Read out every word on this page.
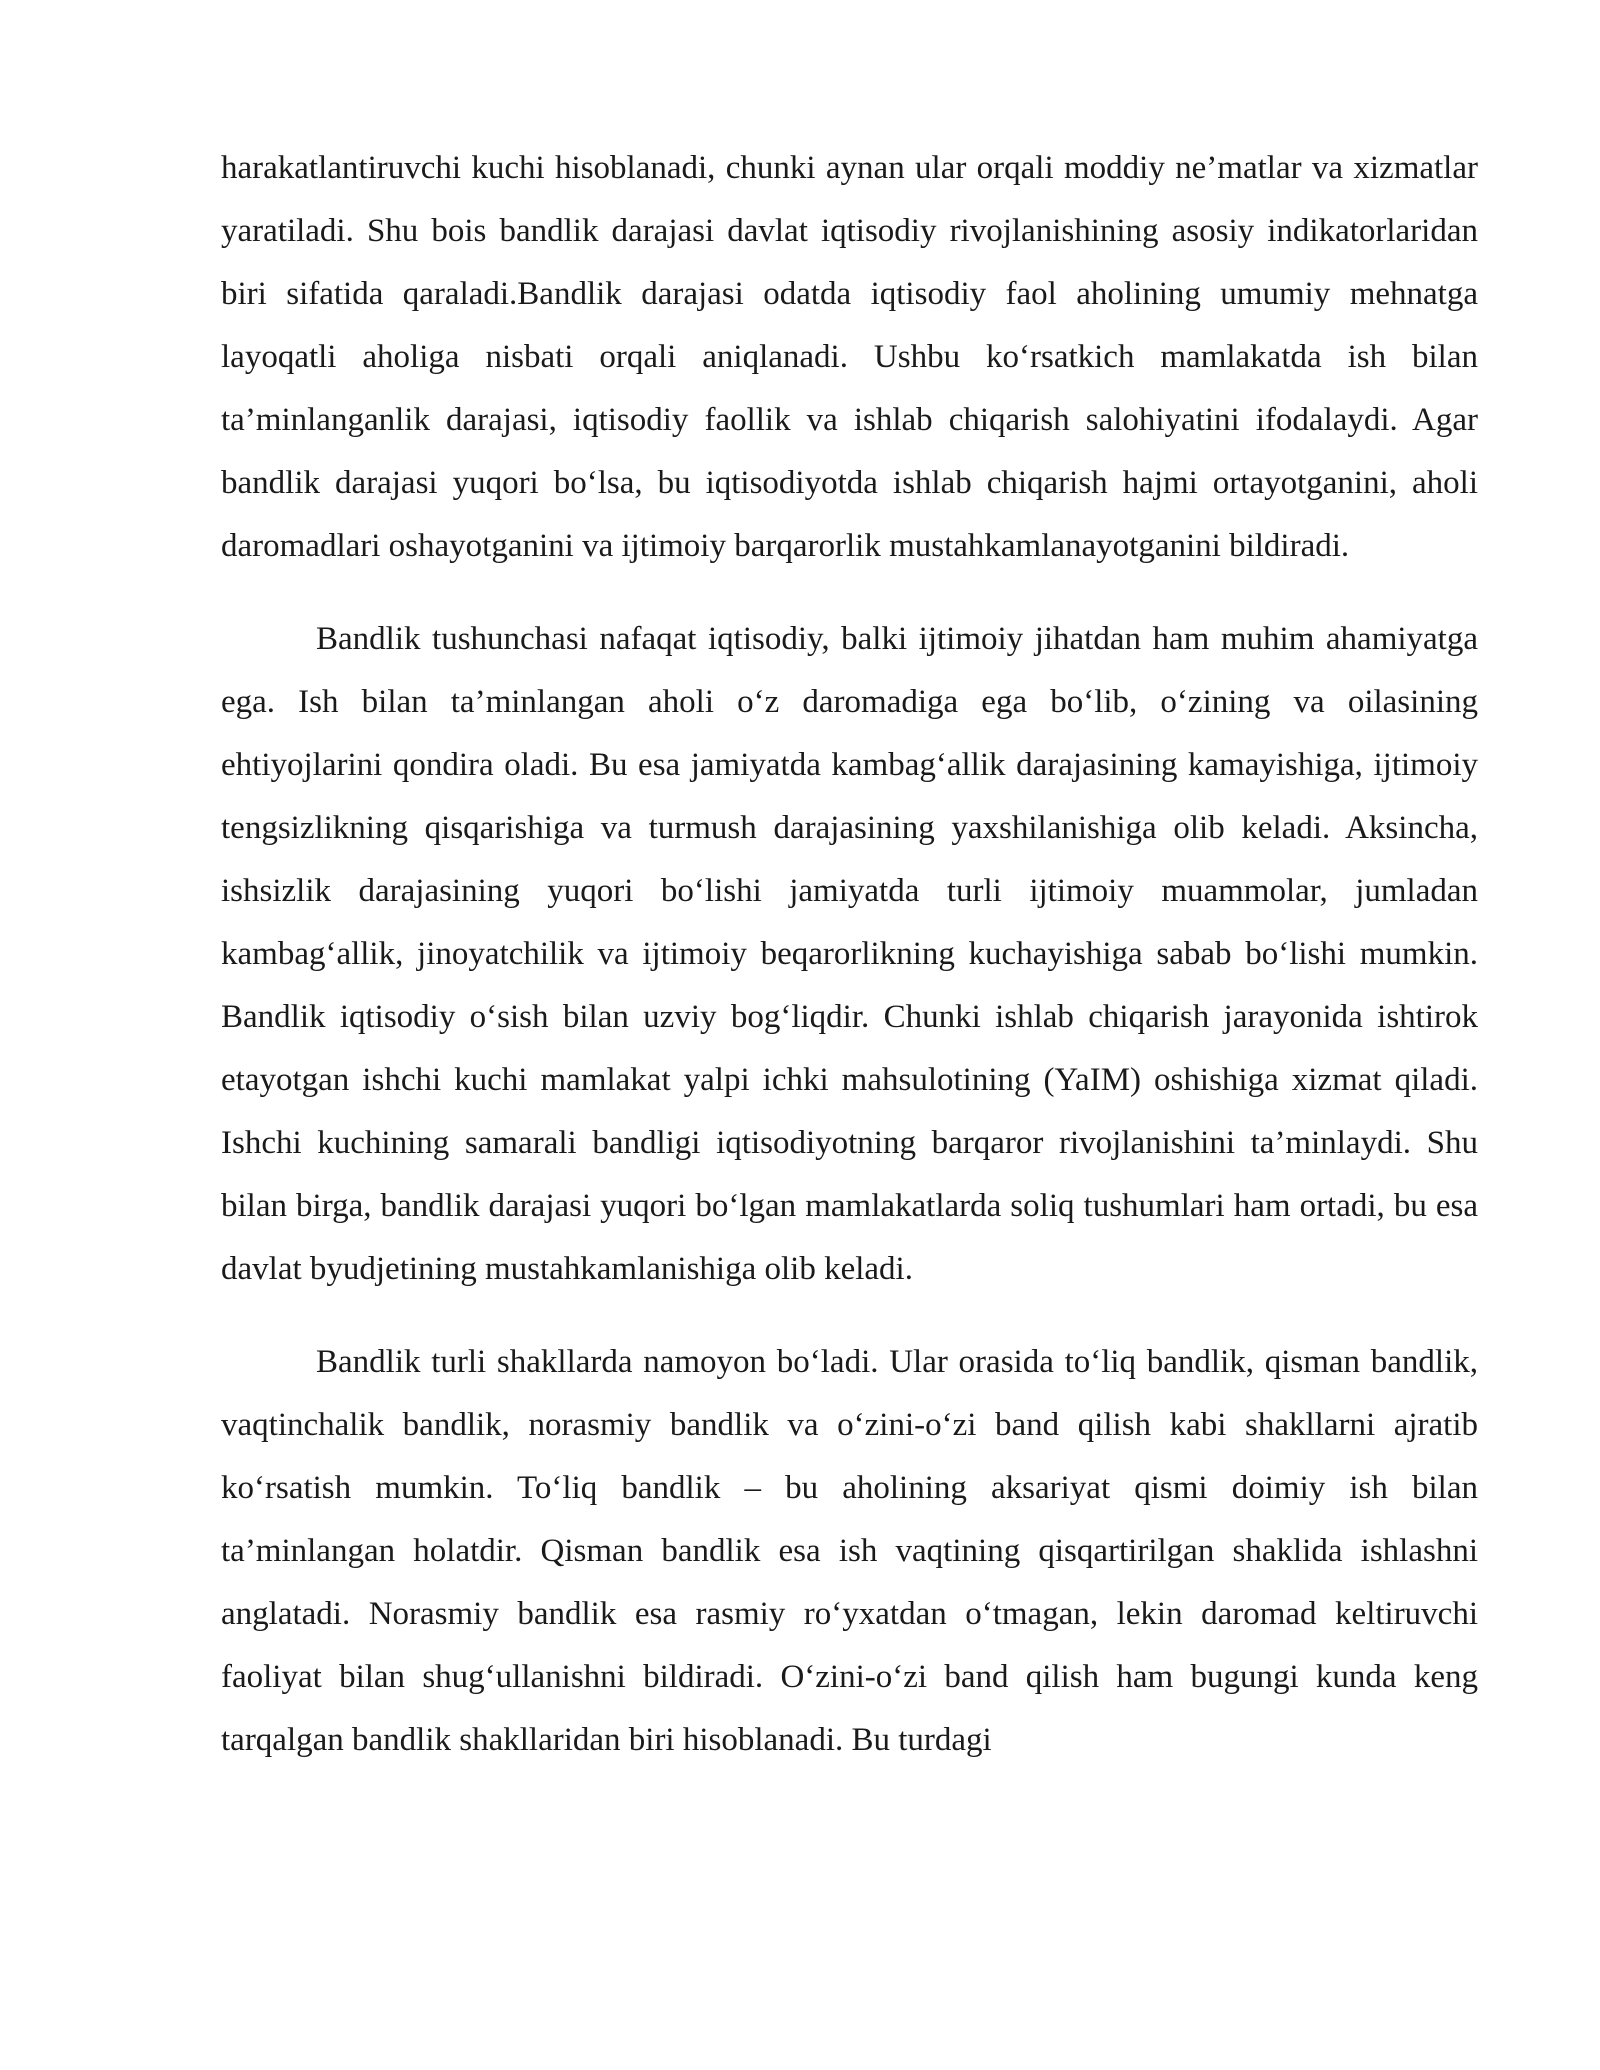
harakatlantiruvchi kuchi hisoblanadi, chunki aynan ular orqali moddiy ne’matlar va xizmatlar yaratiladi. Shu bois bandlik darajasi davlat iqtisodiy rivojlanishining asosiy indikatorlaridan biri sifatida qaraladi.Bandlik darajasi odatda iqtisodiy faol aholining umumiy mehnatga layoqatli aholiga nisbati orqali aniqlanadi. Ushbu ko‘rsatkich mamlakatda ish bilan ta’minlanganlik darajasi, iqtisodiy faollik va ishlab chiqarish salohiyatini ifodalaydi. Agar bandlik darajasi yuqori bo‘lsa, bu iqtisodiyotda ishlab chiqarish hajmi ortayotganini, aholi daromadlari oshayotganini va ijtimoiy barqarorlik mustahkamlanayotganini bildiradi.

Bandlik tushunchasi nafaqat iqtisodiy, balki ijtimoiy jihatdan ham muhim ahamiyatga ega. Ish bilan ta’minlangan aholi o‘z daromadiga ega bo‘lib, o‘zining va oilasining ehtiyojlarini qondira oladi. Bu esa jamiyatda kambag‘allik darajasining kamayishiga, ijtimoiy tengsizlikning qisqarishiga va turmush darajasining yaxshilanishiga olib keladi. Aksincha, ishsizlik darajasining yuqori bo‘lishi jamiyatda turli ijtimoiy muammolar, jumladan kambag‘allik, jinoyatchilik va ijtimoiy beqarorlikning kuchayishiga sabab bo‘lishi mumkin. Bandlik iqtisodiy o‘sish bilan uzviy bog‘liqdir. Chunki ishlab chiqarish jarayonida ishtirok etayotgan ishchi kuchi mamlakat yalpi ichki mahsulotining (YaIM) oshishiga xizmat qiladi. Ishchi kuchining samarali bandligi iqtisodiyotning barqaror rivojlanishini ta’minlaydi. Shu bilan birga, bandlik darajasi yuqori bo‘lgan mamlakatlarda soliq tushumlari ham ortadi, bu esa davlat byudjetining mustahkamlanishiga olib keladi.

Bandlik turli shakllarda namoyon bo‘ladi. Ular orasida to‘liq bandlik, qisman bandlik, vaqtinchalik bandlik, norasmiy bandlik va o‘zini-o‘zi band qilish kabi shakllarni ajratib ko‘rsatish mumkin. To‘liq bandlik – bu aholining aksariyat qismi doimiy ish bilan ta’minlangan holatdir. Qisman bandlik esa ish vaqtining qisqartirilgan shaklida ishlashni anglatadi. Norasmiy bandlik esa rasmiy ro‘yxatdan o‘tmagan, lekin daromad keltiruvchi faoliyat bilan shug‘ullanishni bildiradi. O‘zini-o‘zi band qilish ham bugungi kunda keng tarqalgan bandlik shakllaridan biri hisoblanadi. Bu turdagi
